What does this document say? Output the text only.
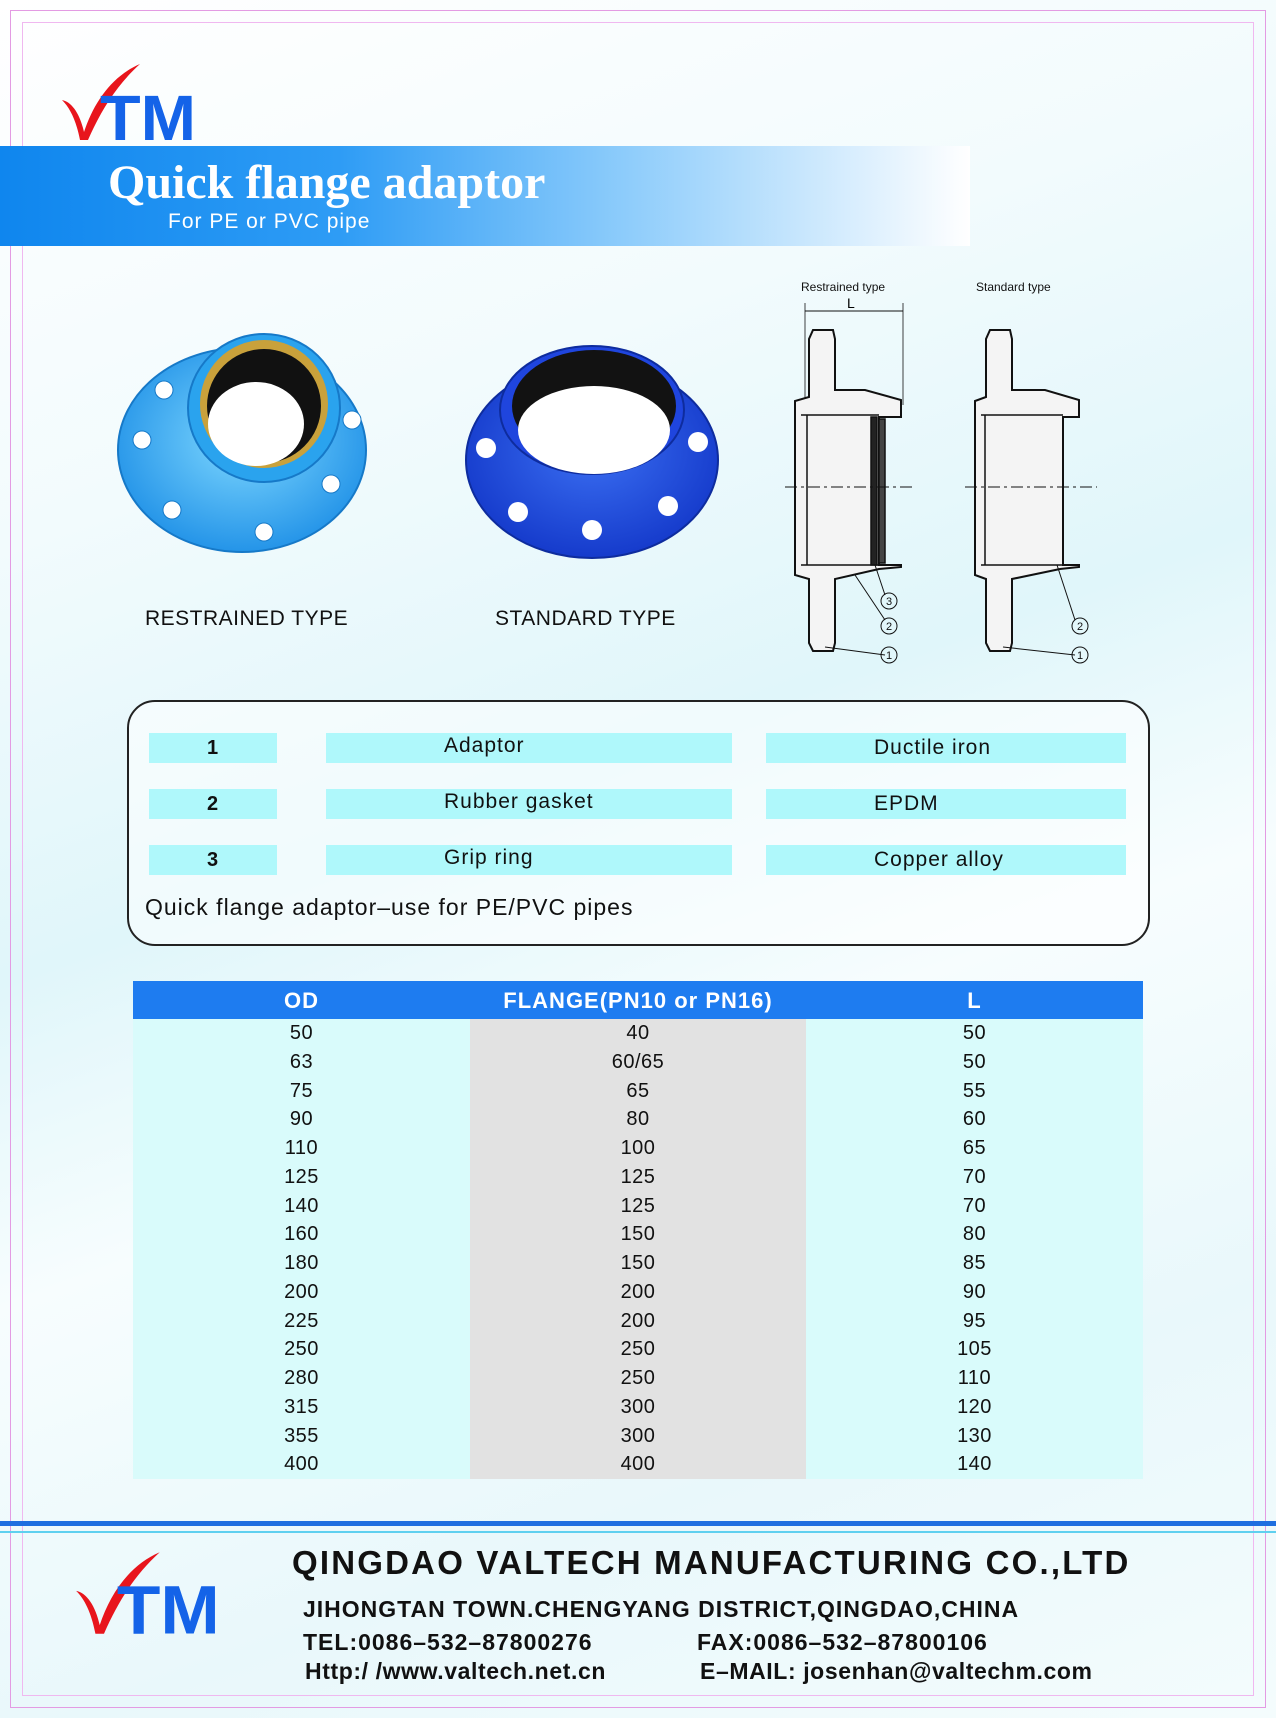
TM
Quick flange adaptor
For PE or PVC pipe
RESTRAINED TYPE	STANDARD TYPE
Restrained type	Standard type
L
3
2
1
2
1
1	Adaptor	Ductile iron
2	Rubber gasket	EPDM
3	Grip ring	Copper alloy
Quick flange adaptor–use for PE/PVC pipes
OD	FLANGE(PN10 or PN16)	L
50	40	50
63	60/65	50
75	65	55
90	80	60
110	100	65
125	125	70
140	125	70
160	150	80
180	150	85
200	200	90
225	200	95
250	250	105
280	250	110
315	300	120
355	300	130
400	400	140
TM
QINGDAO VALTECH MANUFACTURING CO.,LTD
JIHONGTAN TOWN.CHENGYANG DISTRICT,QINGDAO,CHINA
TEL:0086–532–87800276	FAX:0086–532–87800106
Http:/ /www.valtech.net.cn	E–MAIL: josenhan@valtechm.com
